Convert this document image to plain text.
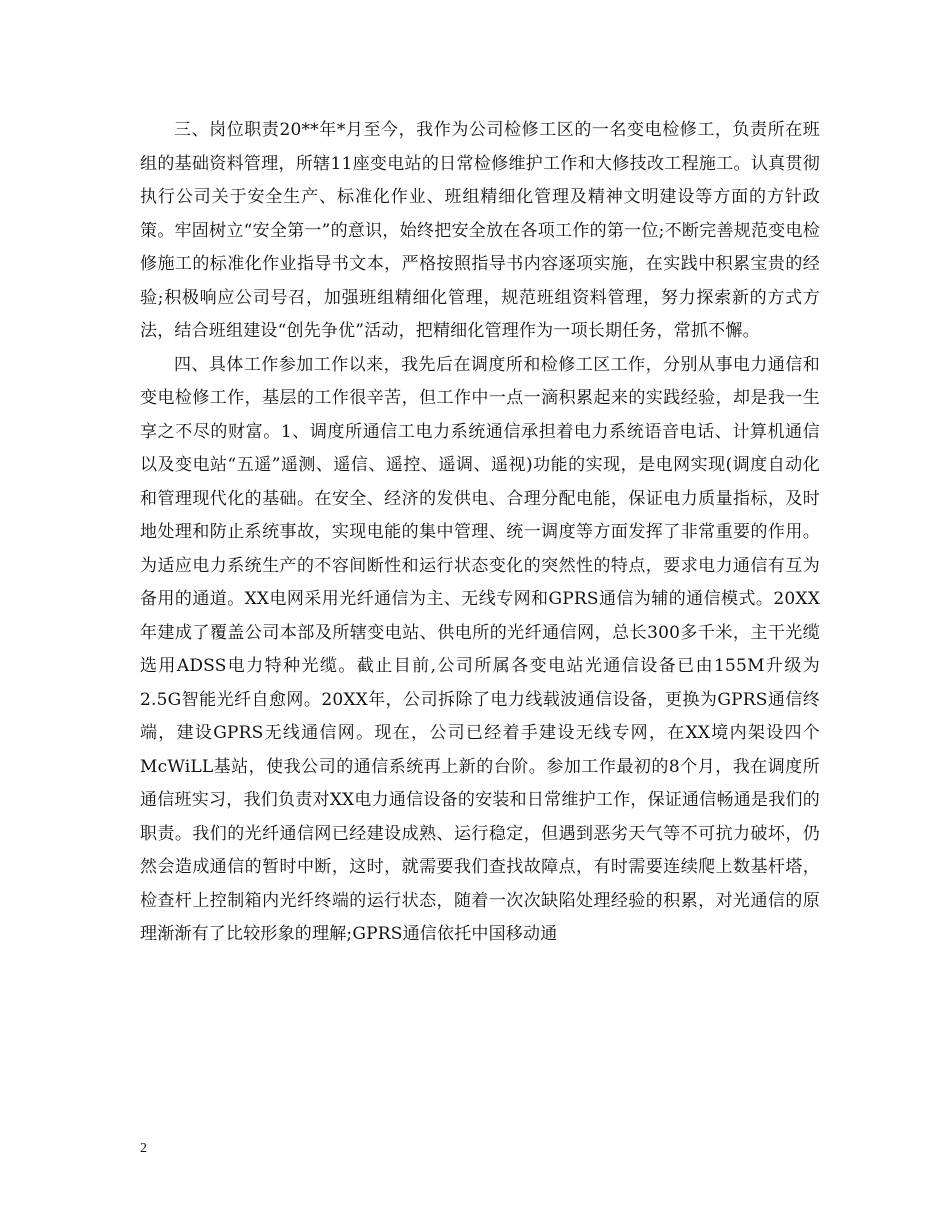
三、岗位职责20**年*月至今，我作为公司检修工区的一名变电检修工，负责所在班组的基础资料管理，所辖11座变电站的日常检修维护工作和大修技改工程施工。认真贯彻执行公司关于安全生产、标准化作业、班组精细化管理及精神文明建设等方面的方针政策。牢固树立“安全第一”的意识，始终把安全放在各项工作的第一位;不断完善规范变电检修施工的标准化作业指导书文本，严格按照指导书内容逐项实施，在实践中积累宝贵的经验;积极响应公司号召，加强班组精细化管理，规范班组资料管理，努力探索新的方式方法，结合班组建设“创先争优”活动，把精细化管理作为一项长期任务，常抓不懈。

四、具体工作参加工作以来，我先后在调度所和检修工区工作，分别从事电力通信和变电检修工作，基层的工作很辛苦，但工作中一点一滴积累起来的实践经验，却是我一生享之不尽的财富。1、调度所通信工电力系统通信承担着电力系统语音电话、计算机通信以及变电站“五遥”遥测、遥信、遥控、遥调、遥视)功能的实现，是电网实现(调度自动化和管理现代化的基础。在安全、经济的发供电、合理分配电能，保证电力质量指标，及时地处理和防止系统事故，实现电能的集中管理、统一调度等方面发挥了非常重要的作用。为适应电力系统生产的不容间断性和运行状态变化的突然性的特点，要求电力通信有互为备用的通道。XX电网采用光纤通信为主、无线专网和GPRS通信为辅的通信模式。20XX年建成了覆盖公司本部及所辖变电站、供电所的光纤通信网，总长300多千米，主干光缆选用ADSS电力特种光缆。截止目前,公司所属各变电站光通信设备已由155M升级为2.5G智能光纤自愈网。20XX年，公司拆除了电力线载波通信设备，更换为GPRS通信终端，建设GPRS无线通信网。现在，公司已经着手建设无线专网，在XX境内架设四个McWiLL基站，使我公司的通信系统再上新的台阶。参加工作最初的8个月，我在调度所通信班实习，我们负责对XX电力通信设备的安装和日常维护工作，保证通信畅通是我们的职责。我们的光纤通信网已经建设成熟、运行稳定，但遇到恶劣天气等不可抗力破坏，仍然会造成通信的暂时中断，这时，就需要我们查找故障点，有时需要连续爬上数基杆塔，检查杆上控制箱内光纤终端的运行状态，随着一次次缺陷处理经验的积累，对光通信的原理渐渐有了比较形象的理解;GPRS通信依托中国移动通

2
